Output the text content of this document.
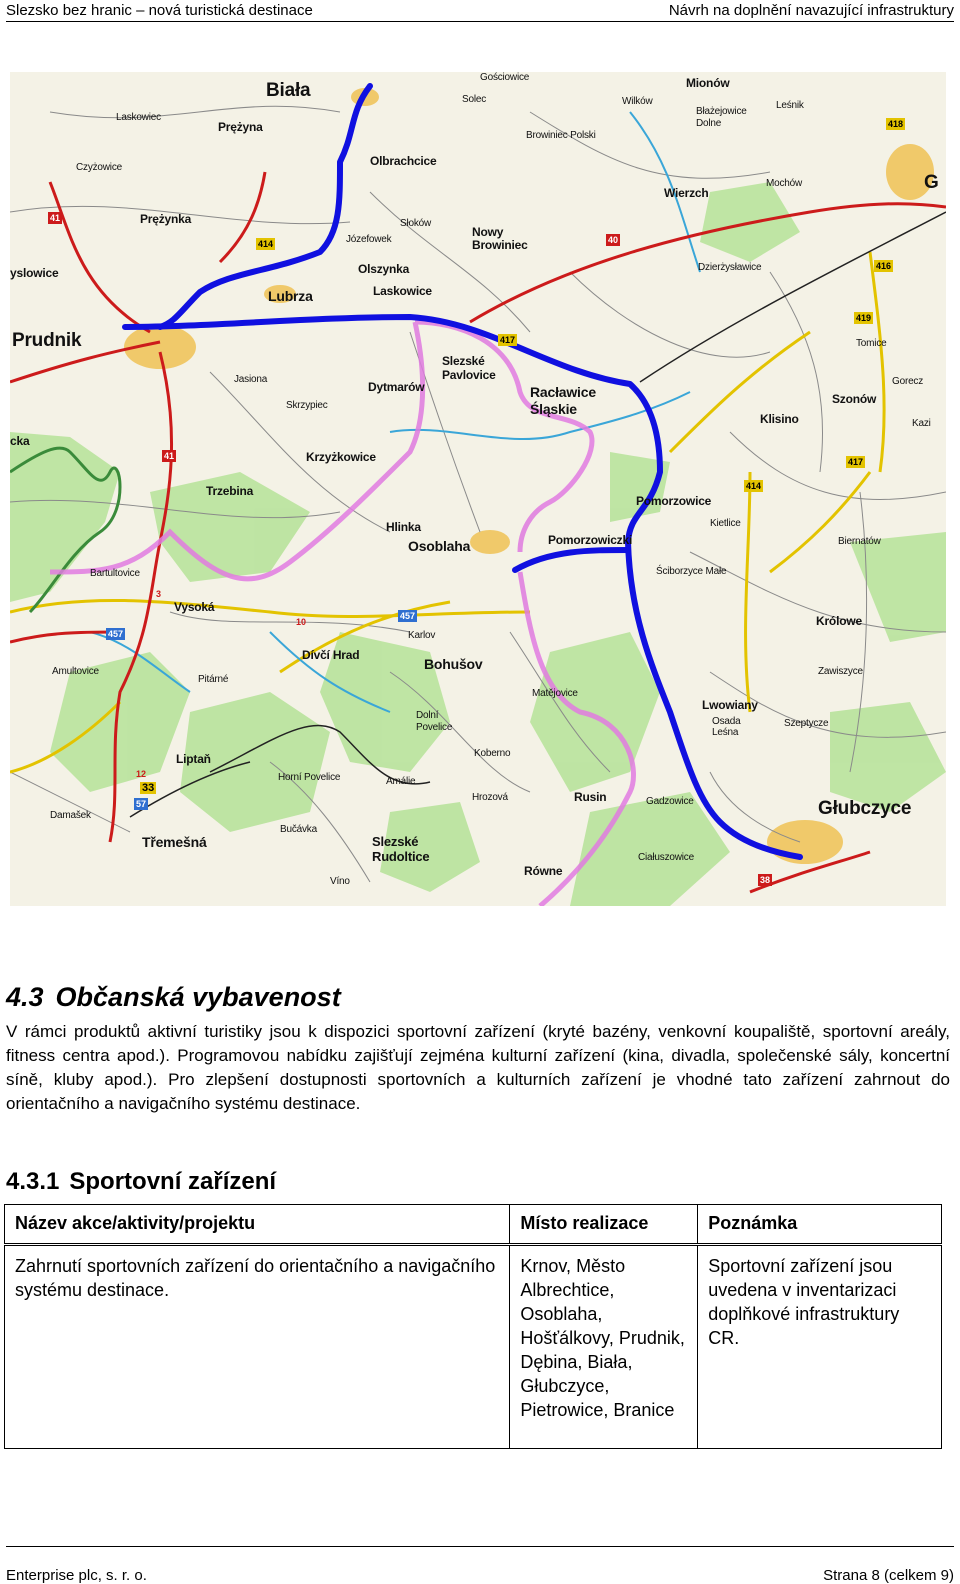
Slezsko bez hranic – nová turistická destinace	Návrh na doplnění navazující infrastruktury
Biała
Prudnik
Lubrza
Racławice Śląskie
Osoblaha
Bohušov
Głubczyce
Slezské Rudoltice
Třemešná
Laskowice
Olbrachcice
Slezské Pavlovice
Pomorzowice
Pomorzowiczki
Lwowiany
Rusin
Dytmarów
Krzyżkowice
Trzebina
Hlinka
Dívčí Hrad
Liptaň
Nowy Browiniec
Mionów
Wierzch
Klisino
Szonów
Królowe
Kietlice
Bučávka
Vysoká
Koberno
Równe
Olszynka
Józefowek
Słoków
Prężyna
Prężynka
Jasiona
Skrzypiec
Laskowiec
Czyżowice
Tomice
Biernatów
Zawiszyce
Gadzowice
Ściborzyce Małe
Wilków
Błażejowice Dolne
Browiniec Polski
Solec
Gościowice
Leśnik
Mochów
Dzierżysławice
Bartultovice
Amultovice
Karlov
Pitárné
Hrozová
Matějovice
Damašek
Víno
Ciałuszowice
Dolní Povelice
Horní Povelice	Amálie
Gorecz
Kazi
cka
yslowice
G
Osada Leśna
Szeptycze
41
41
414	40
417
417
416
419
418
414
457
457
57
33
12
10
38
3
4.3 Občanská vybavenost

V rámci produktů aktivní turistiky jsou k dispozici sportovní zařízení (kryté bazény, venkovní koupaliště, sportovní areály, fitness centra apod.). Programovou nabídku zajišťují zejména kulturní zařízení (kina, divadla, společenské sály, koncertní síně, kluby apod.). Pro zlepšení dostupnosti sportovních a kulturních zařízení je vhodné tato zařízení zahrnout do orientačního a navigačního systému destinace.

4.3.1 Sportovní zařízení
Název akce/aktivity/projektu	Místo realizace	Poznámka
Zahrnutí sportovních zařízení do orientačního a navigačního systému destinace.	Krnov, Město Albrechtice, Osoblaha, Hošťálkovy, Prudnik, Dębina, Biała, Głubczyce, Pietrowice, Branice	Sportovní zařízení jsou uvedena v inventarizaci doplňkové infrastruktury CR.
Enterprise plc, s. r. o.	Strana 8 (celkem 9)
